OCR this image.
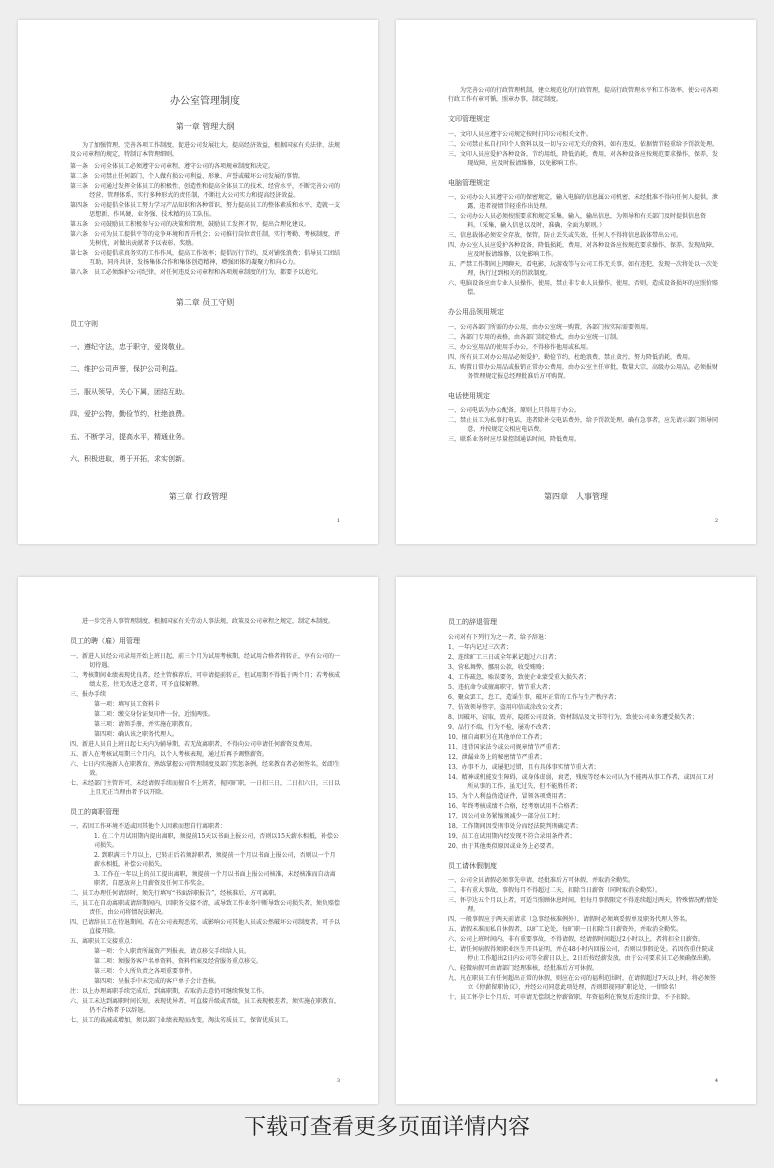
办公室管理制度
第一章 管理大纲
为了加强管理，完善各项工作制度，促进公司发展壮大，提高经济效益，根据国家有关法律、法规及公司章程的规定，特制订本管理细则。
第一条　公司全体员工必须遵守公司章程，遵守公司的各项规章制度和决定。
第二条　公司禁止任何部门、个人做有损公司利益、形象、声誉或破坏公司发展的事情。
第三条　公司通过发挥全体员工的积极性、创造性和提高全体员工的技术、经营水平，不断完善公司的经营、管理体系，实行多种形式的责任制，不断壮大公司实力和提高经济效益。
第四条　公司提倡全体员工努力学习产品知识和各种常识，努力提高员工的整体素质和水平，造就一支思想新、作风硬、业务强、技术精的员工队伍。
第五条　公司鼓励员工积极参与公司的决策和管理，鼓励员工发挥才智，提出合理化建议。
第六条　公司为员工提供平等的竞争环境和晋升机会；公司推行岗位责任制，实行考勤、考核制度，评先树优，对做出贡献者予以表彰、奖励。
第七条　公司提倡求真务实的工作作风，提高工作效率；提倡厉行节约，反对铺张浪费；倡导员工团结互助，同舟共济，发扬集体合作和集体创造精神，增强团体的凝聚力和向心力。
第八条　员工必须维护公司纪律，对任何违反公司章程和各项规章制度的行为，都要予以追究。
第二章 员工守则
员工守则
一、遵纪守法，忠于职守，爱岗敬业。
二、维护公司声誉，保护公司利益。
三、服从领导，关心下属，团结互助。
四、爱护公物，勤俭节约，杜绝浪费。
五、不断学习，提高水平，精通业务。
六、积极进取，勇于开拓，求实创新。
第三章 行政管理
1
为完善公司的行政管理机制，建立规范化的行政管理，提高行政管理水平和工作效率，使公司各项行政工作有章可循，照章办事，制定制度。
文印管理规定
一、文印人员应遵守公司规定按时打印公司相关文件。
二、公司禁止私自打印个人资料以及一切与公司无关的资料，如有违反，依据情节轻重给予罚款处理。
三、文印人员应爱护各种设备，节约用纸，降低消耗，费用，对各种设备应按规范要求操作，保养，发现故障，应及时报请维修，以免影响工作。
电脑管理规定
一、公司办公人员遵守公司的保密规定，输入电脑的信息属公司机密，未经批准不得向任何人提供，泄露，违者视情节轻重作出处理。
二、公司办公人员必须按照要求和规定采集，输入，输出信息，为领导和有关部门及时提供信息资料。（采集，输入信息以及时，准确，全面为原则。）
三、信息载体必须安全存放，保管，防止丢失或失效，任何人不得将信息载体带出公司。
四、办公室人员应爱护各种设备，降低损耗，费用，对各种设备应按规范要求操作，保养，发现故障，应及时报请维修，以免影响工作。
五、严禁工作期间上网聊天，看电影，玩游戏等与公司工作无关事，如有违犯，发现一次将处以一次处理，执行过到相关的罚款制度。
六、电脑设备应由专业人员操作，使用，禁止非专业人员操作，使用，否则，造成设备损坏的应照价赔偿。
办公用品领用规定
一、公司各部门所需的办公用，由办公室统一购置，各部门按实际需要领用。
二、各部门专用的表格，由各部门制定格式，由办公室统一订制。
三、办公室用品的使用手办公，不得移作他用或私用。
四、所有员工对办公用品必须爱护，勤俭节约，杜绝浪费，禁止贪污，努力降低消耗，费用。
五、购置日常办公用品或报销正常办公费用，由办公室主任审批，数量大宗，高级办公用品，必须报财务管理规定报总经理批准后方可购置。
电话使用规定
一、公司电话为办公配备，原则上只得用于办公。
二、禁止员工为私事打电话，违者除补交电话费外，给予罚款处理。确有急事者，应先请示部门领导同意，并按规定交相应电话费。
三、联系业务时应尽量控制通话时间，降低费用。
第四章　人事管理
2
进一步完善人事管理制度，根据国家有关劳动人事法规，政策及公司章程之规定，制定本制度。
员工的聘（雇）用管理
一、新进人员经公司录用开始上班日起，前三个月为试用考核期，经试用合格者将转正，享有公司的一切待遇。
二、考核期间业绩表现优良者，经主管推荐后，可申请提前转正，但试用期不得低于两个月；若考核成绩太差，往无改进之意者，可予直接解聘。
三、报办手续
第一项：填写员工资料卡
第二项：缴交身份证复印件一份，近照两张。
第三项：请领手册，并实施在职教育。
第四项：确认该之职务代理人。
四、新进人员自上班日起七天内为辅导期，若无故离职者，不得向公司申请任何薪资及费用。
五、新人在考核试用期三个月内，以个人考核表现，通过后再予调整薪资。
六、七日内实施新人在职教育，熟练掌握公司管理制度及部门奖惩条例，经来教育者必须签名，始即生效。
七、未经部门主管许可，未经请假手续而擅自不上班者，视同旷职，一日扣三日，二日扣六日，三日以上且无正当理由者予以开除。
员工的离职管理
一、若因工作环境不适或因其他个人因素而想自行离职者：
1. 在二个月试用期内提出离职，须提前15天以书面上报公司，否则以15天薪水相抵，补偿公司损失。
2. 到职满三个月以上，已转正后若须辞职者，须提前一个月以书面上报公司，否则以一个月薪水相抵，补偿公司损失。
3. 工作在一年以上的员工提出离职，须提前一个月以书面上报公司核准，未经核准而自动离职者，自愿放弃上月薪资及任何工作奖金。
二、员工办理任何请辞时，须先行填写“书面辞职报告”，经核准后，方可离职。
三、员工在自动离职或请辞期间内，因职务交接不清，或导致工作业务中断导致公司损失者，须负赔偿责任，由公司将情况法解决。
四、已请辞员工在待退期间，若在公司表现恶劣，或影响公司其他人员或公然破坏公司制度者，可予以直接开除。
五、离职员工交接重点：
第一项：个人职责所属资产列报表，请点移交手续给人员。
第二项：须服务客户名单资料，资料档案及经营服务重点移交。
第三项：个人所负责之各项重要事件。
第四项：呈报手中未完成的客户单子会计查核。
注：以上办理离职手续完成后，到离职期，若取消去意仍可继续恢复工作。
六、员工未达到离职时间长短，表现优异者，可直接升级或晋级，员工表现极差者，须实施在职教育，仍不合格者予以辞退。
七、员工的裁减或增加，须以部门业绩表现而改变，淘汰劣质员工，保留优质员工。
3
员工的辞退管理
公司对有下列行为之一者，给予辞退：
1、一年内记过三次者；
2、连续旷工三日或全年累记超过六日者；
3、营私舞弊，挪用公款，收受贿赂；
4、工作疏忽，贻误要务，致使企业蒙受重大损失者；
5、违抗命令或擅离职守，情节重大者；
6、聚众罢工，怠工，造谣生事，破坏正常的工作与生产秩序者；
7、仿效领导签字，盗用印信或涂改公文者；
8、因破坏，窃取，毁弃，隐匿公司设备，资材制品及文书等行为，致使公司业务遭受损失者；
9、品行不端，行为不检，屡劝不改者；
10、擅自离职另在其他单位工作者；
11、违背国家法令或公司规章情节严重者；
12、泄漏业务上的秘密情节严重者；
13、办事不力，或屡犯过错，且有具体事实情节重大者；
14、精神或机能发生障碍，或身体虚弱，衰老，残废等经本公司认为不能再从事工作者，或因员工对所从事的工作，虽无过失，但不能胜任者；
15、为个人利益伪造证件，冒领各项费用者；
16、年终考核成绩不合格，经考察试用不合格者；
17、因公司业务紧缩须减少一部分员工时；
18、工作期间因受刑事处分而经法院判刑确定者；
19、员工在试用期内经发现不符合录用条件者；
20、由于其他类似原因或业务上必要者。
员工请休假制度
一、公司全员请假必须事先申请，经批准后方可休假，并取消全勤奖。
二、非有重大事故，事假每月不得超过二天，扣除当日薪资（同时取消全勤奖）。
三、怀孕达五个月以上者，可适当照顾休息时间，但每月事假限定不得连续超过两天，特殊情况酌情处理。
四、一般事假应于两天前请求（急事经核准例外），请假时必须填妥假单及职务代理人签名。
五、请假未准而私自休假者，以旷工论处，每旷职一日扣除当日薪资外，并取消全勤奖。
六、公司上班时间内，非有重要事故，不得请假，经请假时间超过2小时以上，者将扣全日薪资。
七、请任何病假得须职业医生开具证明，并在48小时内回报公司，否则以事假论处。若因伤重住院或停止工作超出2日内公司等全薪日以上，2日后按经薪发放，由于公司要求员工必须确保出勤。
八、轻微病假可由请部门经理准核，经批准后方可休假。
九、凡在职员工有任何超出正常的休假，则应在公司的福利范围时，在请假超过7天以上时，将必须签立《停薪留职协议》，并经公司同意此项处理，否则即视同旷职论处，一律除名！
十、员工怀孕七个月后，可申请无偿制之停薪留职，年资福利在恢复后连续计算，不予扣除。
4
下载可查看更多页面详情内容
